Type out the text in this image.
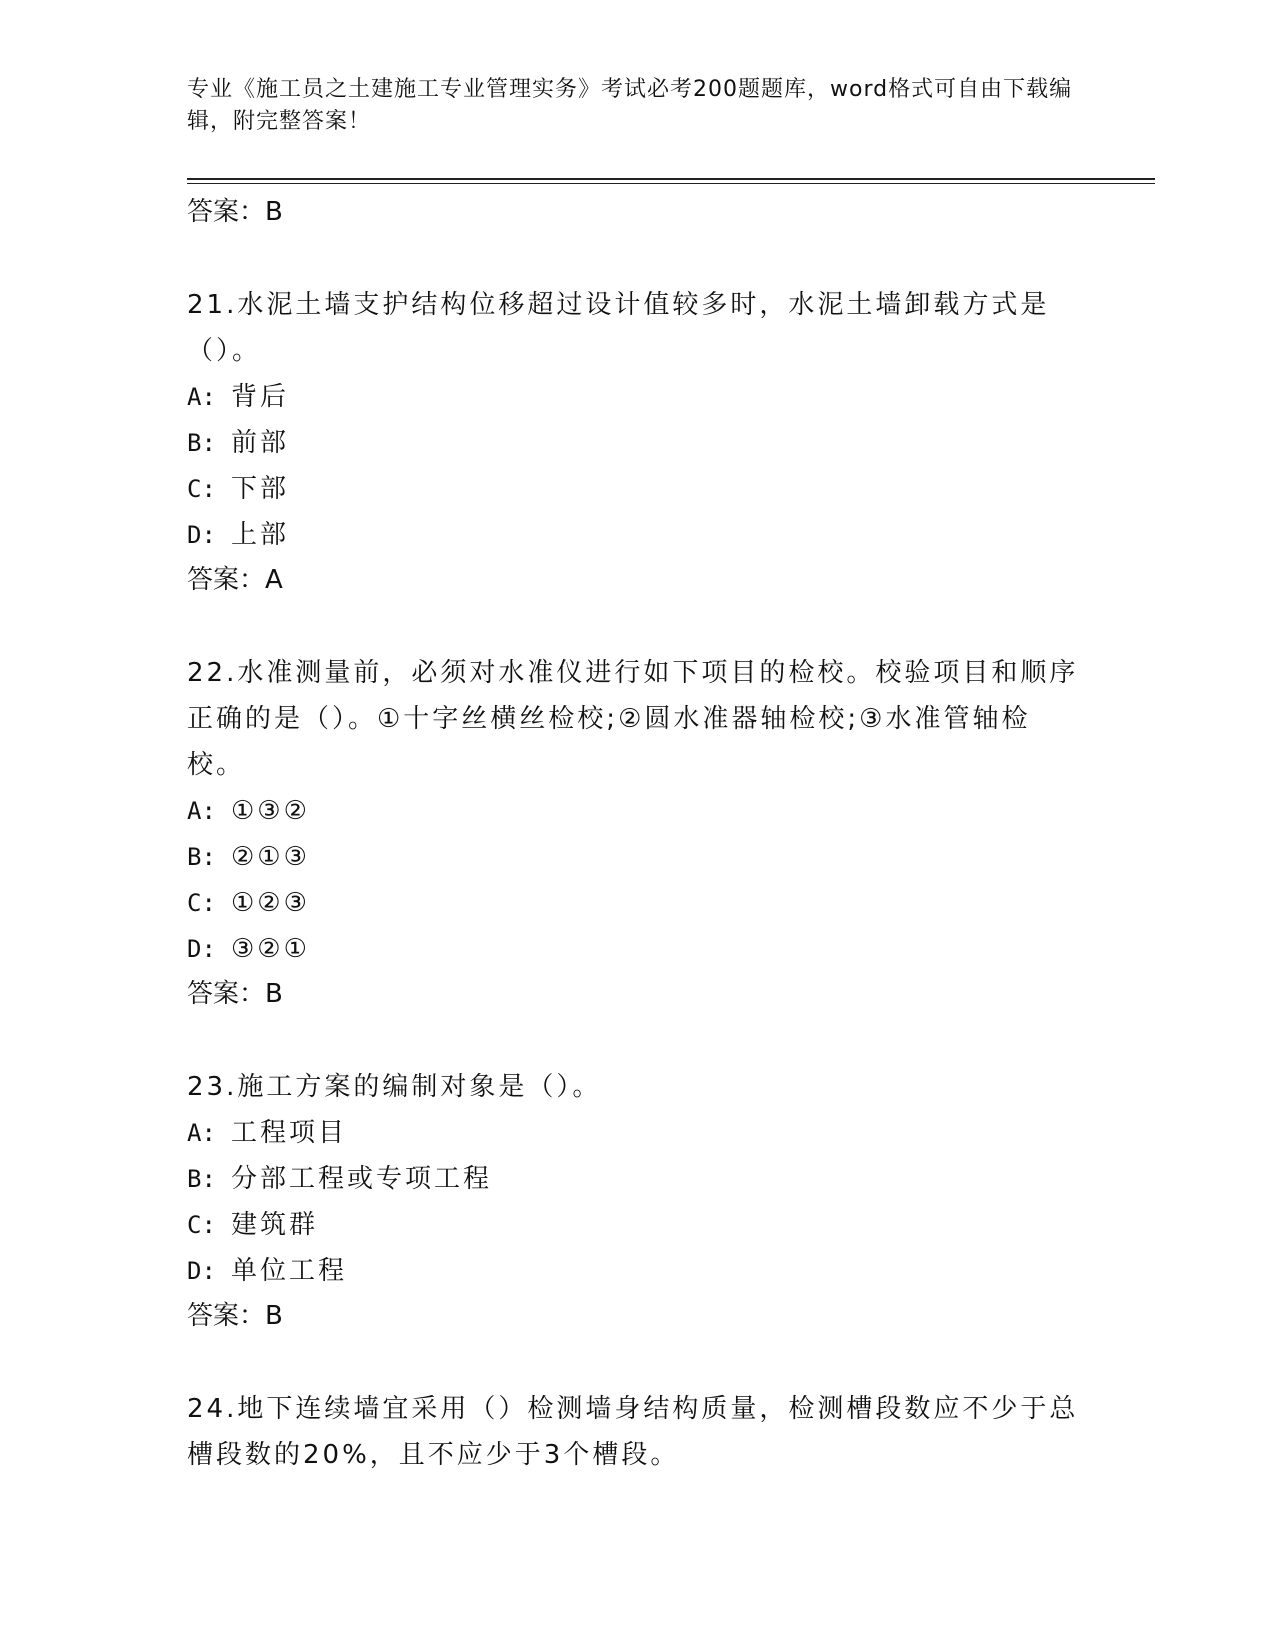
专业《施工员之土建施工专业管理实务》考试必考200题题库，word格式可自由下载编辑，附完整答案！
答案：B
21.水泥土墙支护结构位移超过设计值较多时，水泥土墙卸载方式是（）。
A: 背后
B: 前部
C: 下部
D: 上部
答案：A
22.水准测量前，必须对水准仪进行如下项目的检校。校验项目和顺序正确的是（）。①十字丝横丝检校;②圆水准器轴检校;③水准管轴检校。
A: ①③②
B: ②①③
C: ①②③
D: ③②①
答案：B
23.施工方案的编制对象是（）。
A: 工程项目
B: 分部工程或专项工程
C: 建筑群
D: 单位工程
答案：B
24.地下连续墙宜采用（）检测墙身结构质量，检测槽段数应不少于总槽段数的20%，且不应少于3个槽段。
